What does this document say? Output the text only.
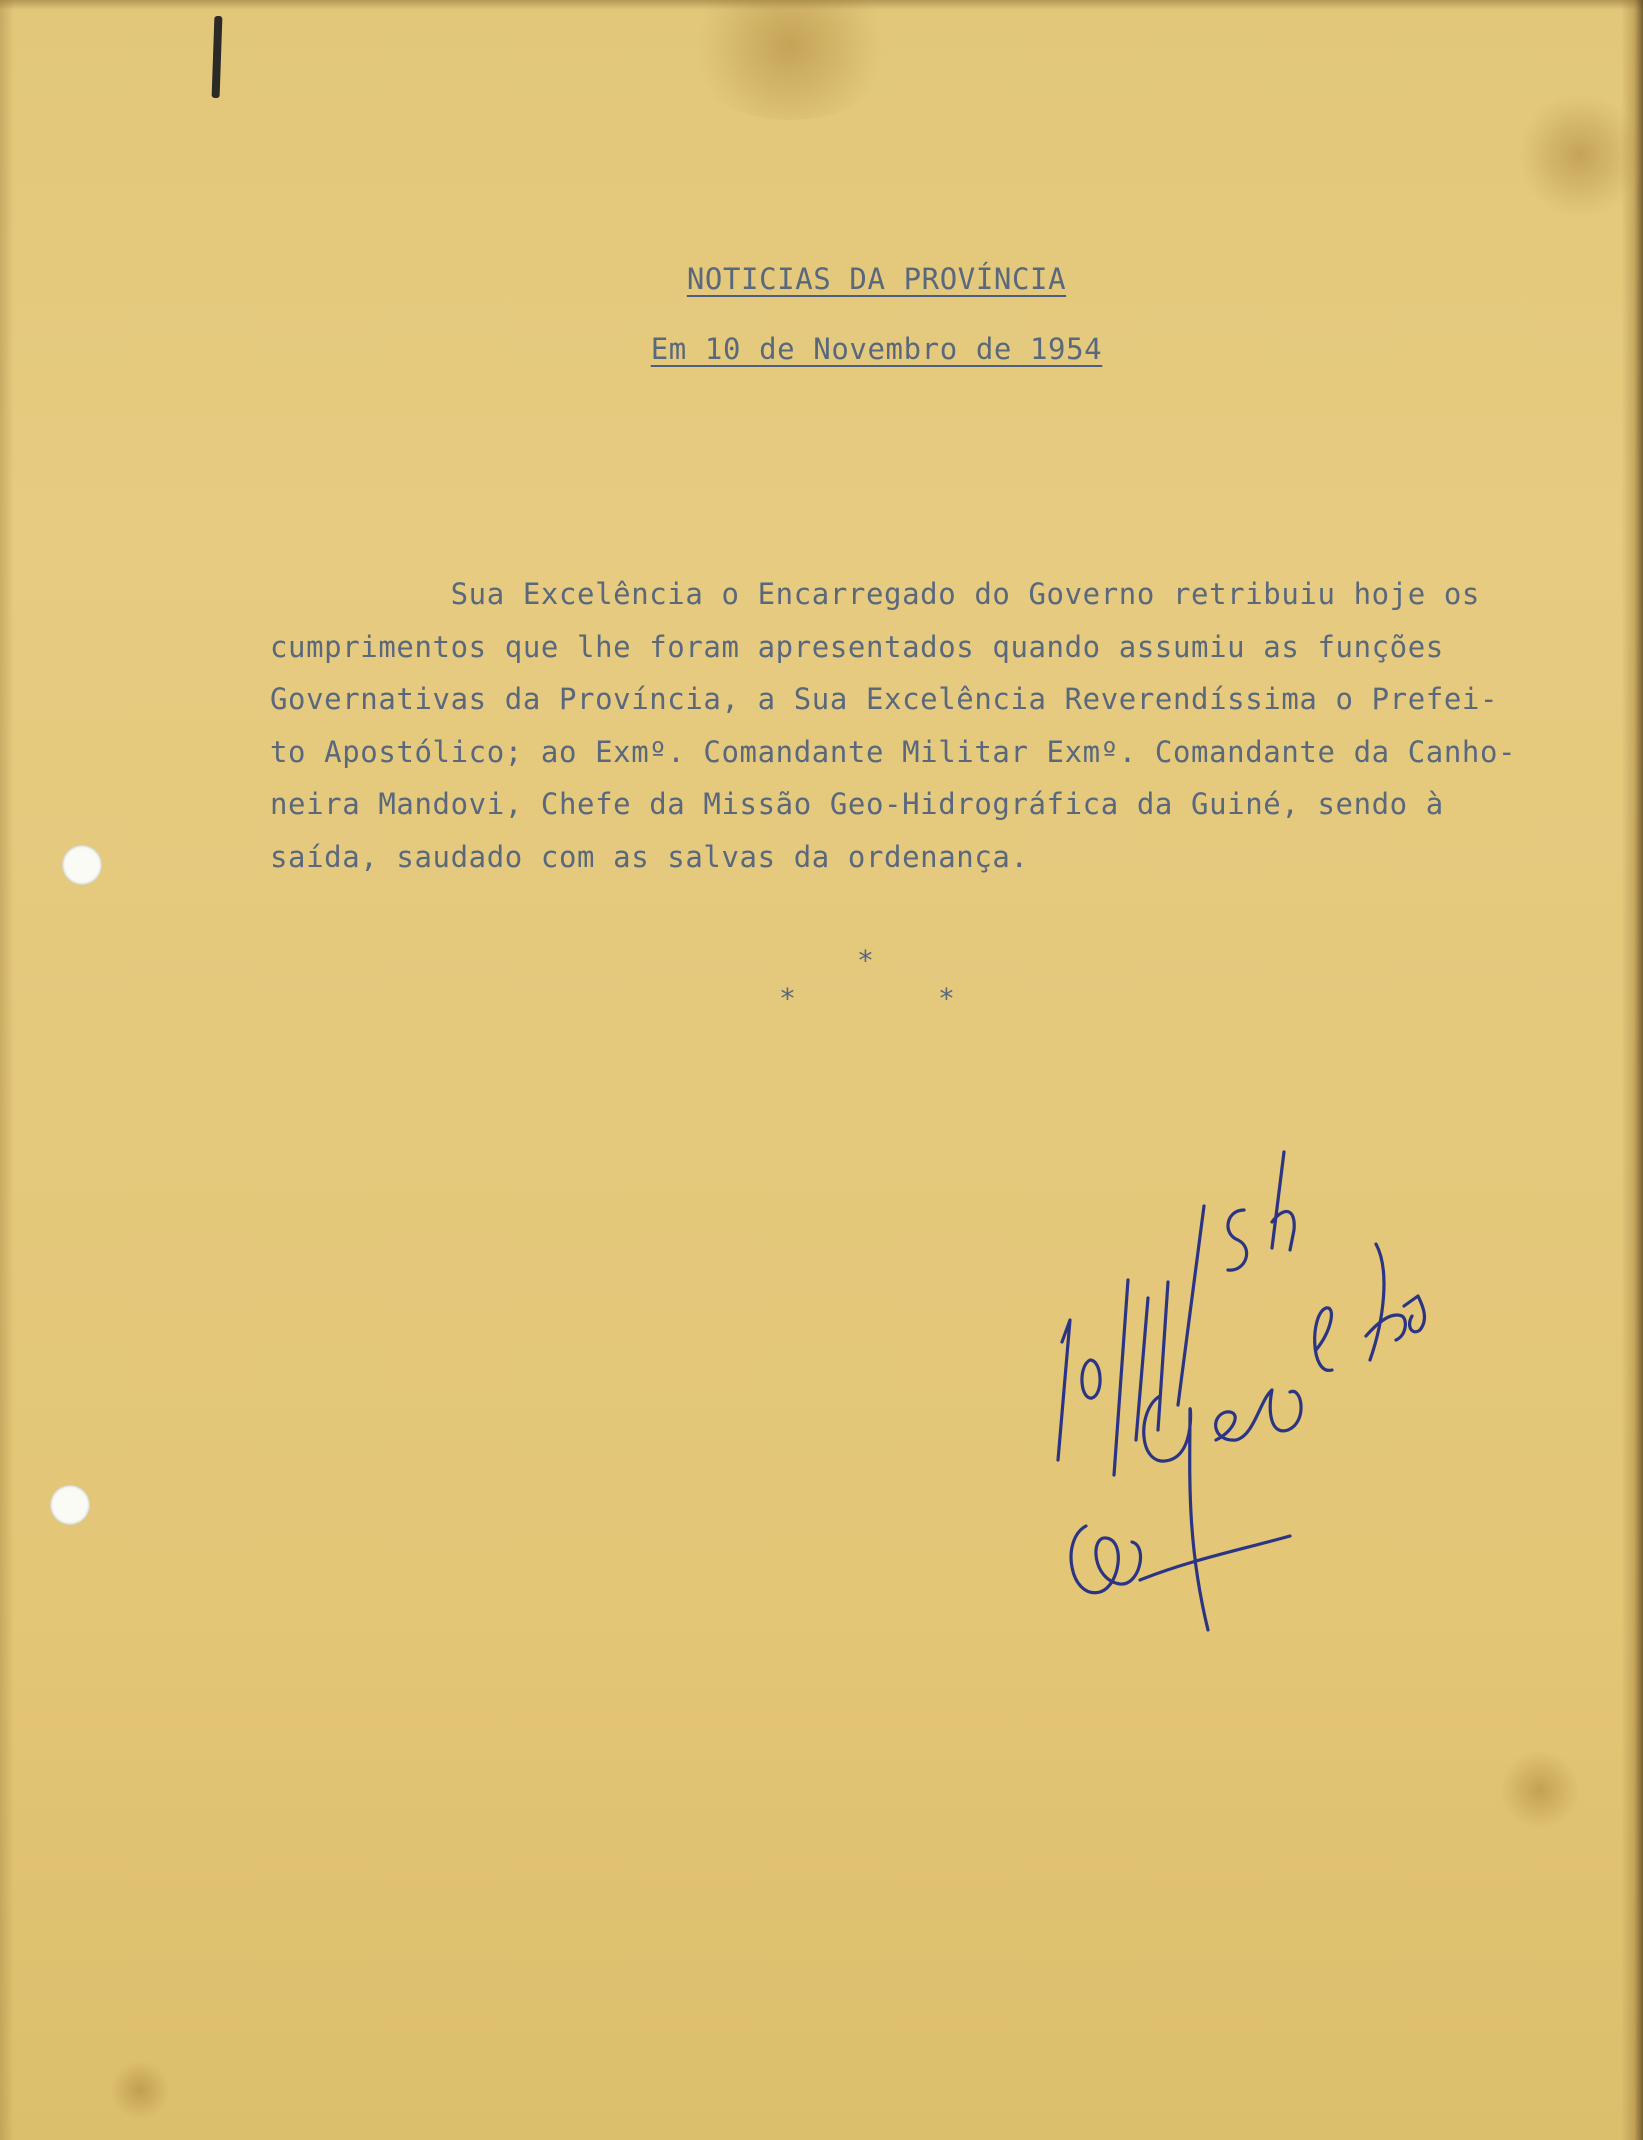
NOTICIAS DA PROVÍNCIA
Em 10 de Novembro de 1954
Sua Excelência o Encarregado do Governo retribuiu hoje os
cumprimentos que lhe foram apresentados quando assumiu as funções
Governativas da Província, a Sua Excelência Reverendíssima o Prefei-
to Apostólico; ao Exmº. Comandante Militar Exmº. Comandante da Canho-
neira Mandovi, Chefe da Missão Geo-Hidrográfica da Guiné, sendo à
saída, saudado com as salvas da ordenança.
*
*	*
